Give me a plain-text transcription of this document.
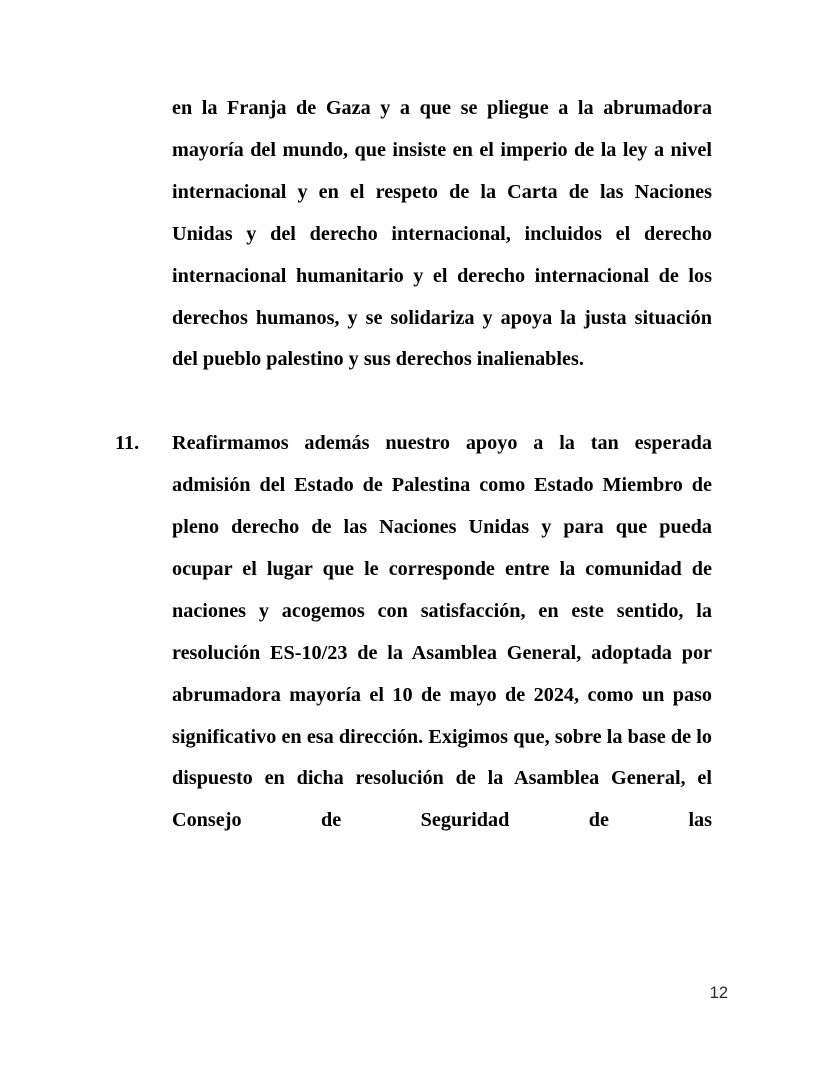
en la Franja de Gaza y a que se pliegue a la abrumadora mayoría del mundo, que insiste en el imperio de la ley a nivel internacional y en el respeto de la Carta de las Naciones Unidas y del derecho internacional, incluidos el derecho internacional humanitario y el derecho internacional de los derechos humanos, y se solidariza y apoya la justa situación del pueblo palestino y sus derechos inalienables.
11.	Reafirmamos además nuestro apoyo a la tan esperada admisión del Estado de Palestina como Estado Miembro de pleno derecho de las Naciones Unidas y para que pueda ocupar el lugar que le corresponde entre la comunidad de naciones y acogemos con satisfacción, en este sentido, la resolución ES-10/23 de la Asamblea General, adoptada por abrumadora mayoría el 10 de mayo de 2024, como un paso significativo en esa dirección. Exigimos que, sobre la base de lo dispuesto en dicha resolución de la Asamblea General, el Consejo de Seguridad de las
12
